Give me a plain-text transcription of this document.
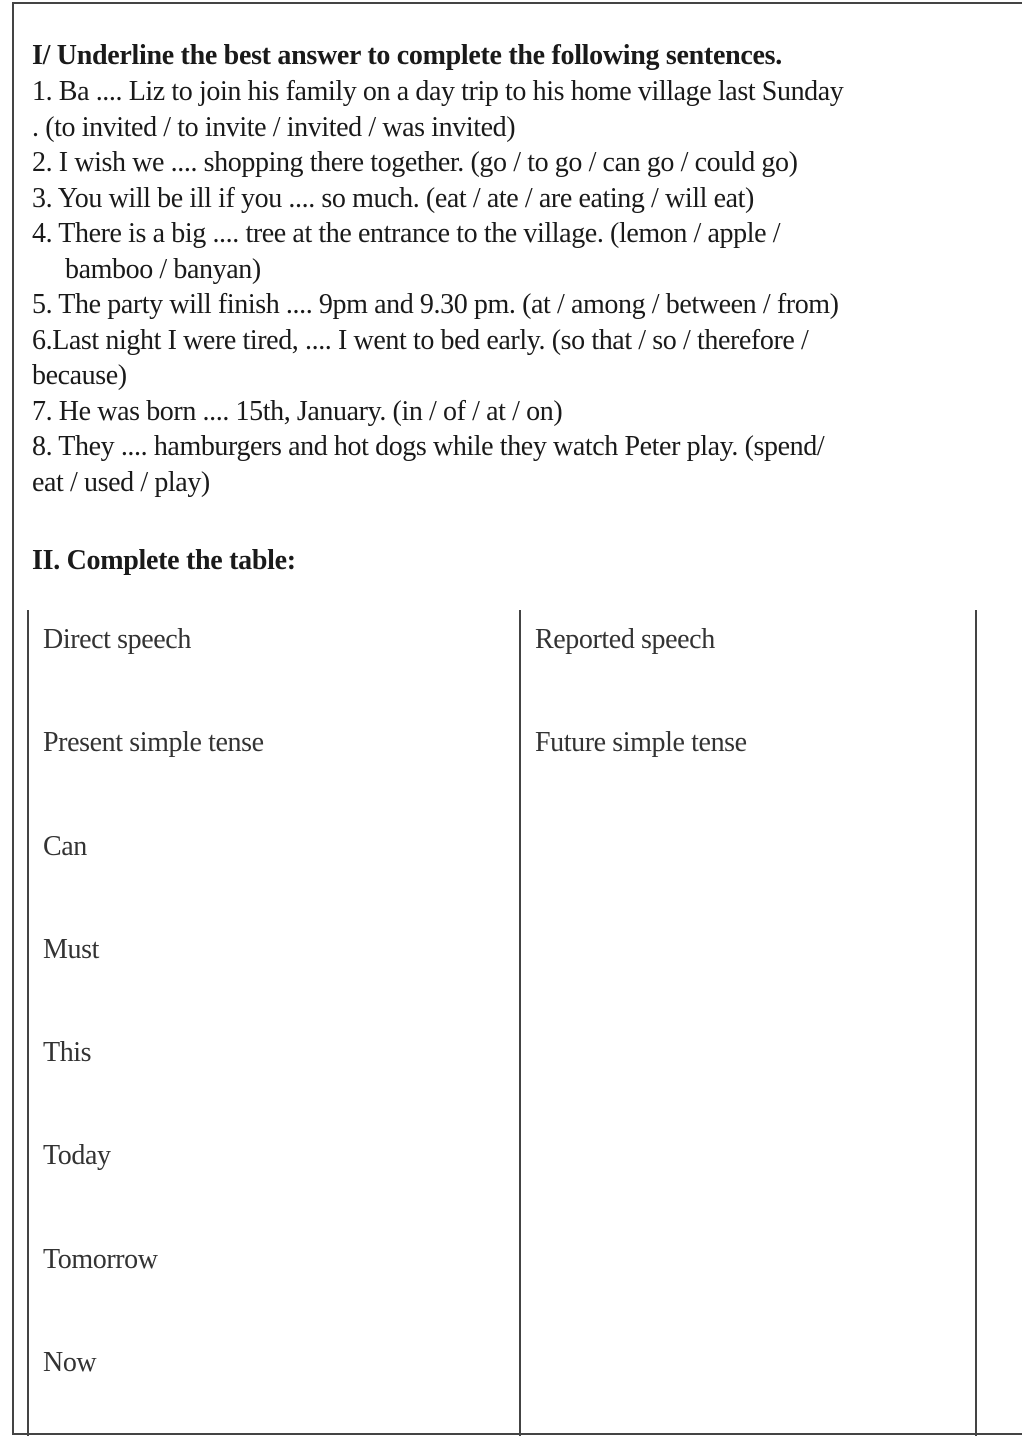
I/ Underline the best answer to complete the following sentences.

1. Ba .... Liz to join his family on a day trip to his home village last Sunday

. (to invited / to invite / invited / was invited)

2. I wish we .... shopping there together. (go / to go / can go / could go)

3. You will be ill if you .... so much. (eat / ate / are eating / will eat)

4. There is a big .... tree at the entrance to the village. (lemon / apple /

bamboo / banyan)

5. The party will finish .... 9pm and 9.30 pm. (at / among / between / from)

6.Last night I were tired, .... I went to bed early. (so that / so / therefore /

because)

7. He was born .... 15th, January. (in / of / at / on)

8. They .... hamburgers and hot dogs while they watch Peter play. (spend/

eat / used / play)

II. Complete the table:
Direct speech	Reported speech
Present simple tense	Future simple tense
Can	
Must	
This	
Today	
Tomorrow	
Now	
